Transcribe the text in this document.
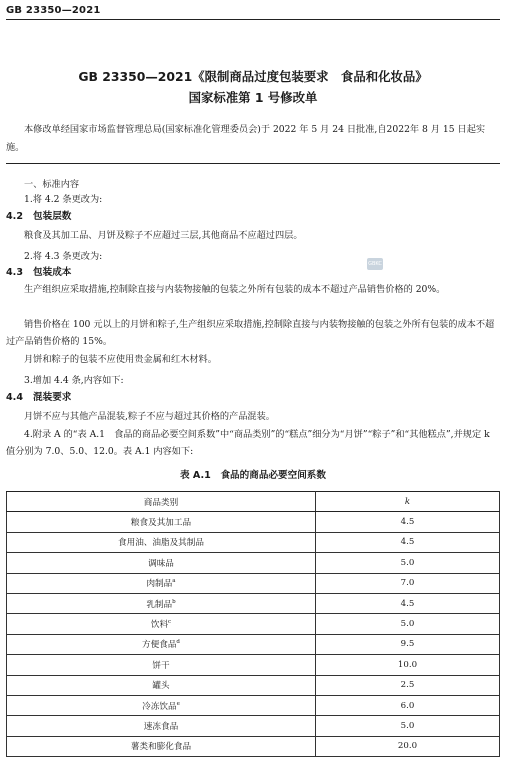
GB 23350—2021
GB 23350—2021《限制商品过度包装要求　食品和化妆品》
国家标准第 1 号修改单

本修改单经国家市场监督管理总局(国家标准化管理委员会)于 2022 年 5 月 24 日批准,自2022年 8 月 15 日起实施。

一、标准内容

1.将 4.2 条更改为:

4.2 包装层数

粮食及其加工品、月饼及粽子不应超过三层,其他商品不应超过四层。

2.将 4.3 条更改为:

4.3 包装成本

GBKC

生产组织应采取措施,控制除直接与内装物接触的包装之外所有包装的成本不超过产品销售价格的 20%。

销售价格在 100 元以上的月饼和粽子,生产组织应采取措施,控制除直接与内装物接触的包装之外所有包装的成本不超过产品销售价格的 15%。

月饼和粽子的包装不应使用贵金属和红木材料。

3.增加 4.4 条,内容如下:

4.4 混装要求

月饼不应与其他产品混装,粽子不应与超过其价格的产品混装。

4.附录 A 的“表 A.1　食品的商品必要空间系数”中“商品类别”的“糕点”细分为“月饼”“粽子”和“其他糕点”,并规定 k 值分别为 7.0、5.0、12.0。表 A.1 内容如下:

表 A.1　食品的商品必要空间系数
商品类别	k
粮食及其加工品	4.5
食用油、油脂及其制品	4.5
调味品	5.0
肉制品$^a$	7.0
乳制品$^b$	4.5
饮料$^c$	5.0
方便食品$^d$	9.5
饼干	10.0
罐头	2.5
冷冻饮品$^e$	6.0
速冻食品	5.0
薯类和膨化食品	20.0
